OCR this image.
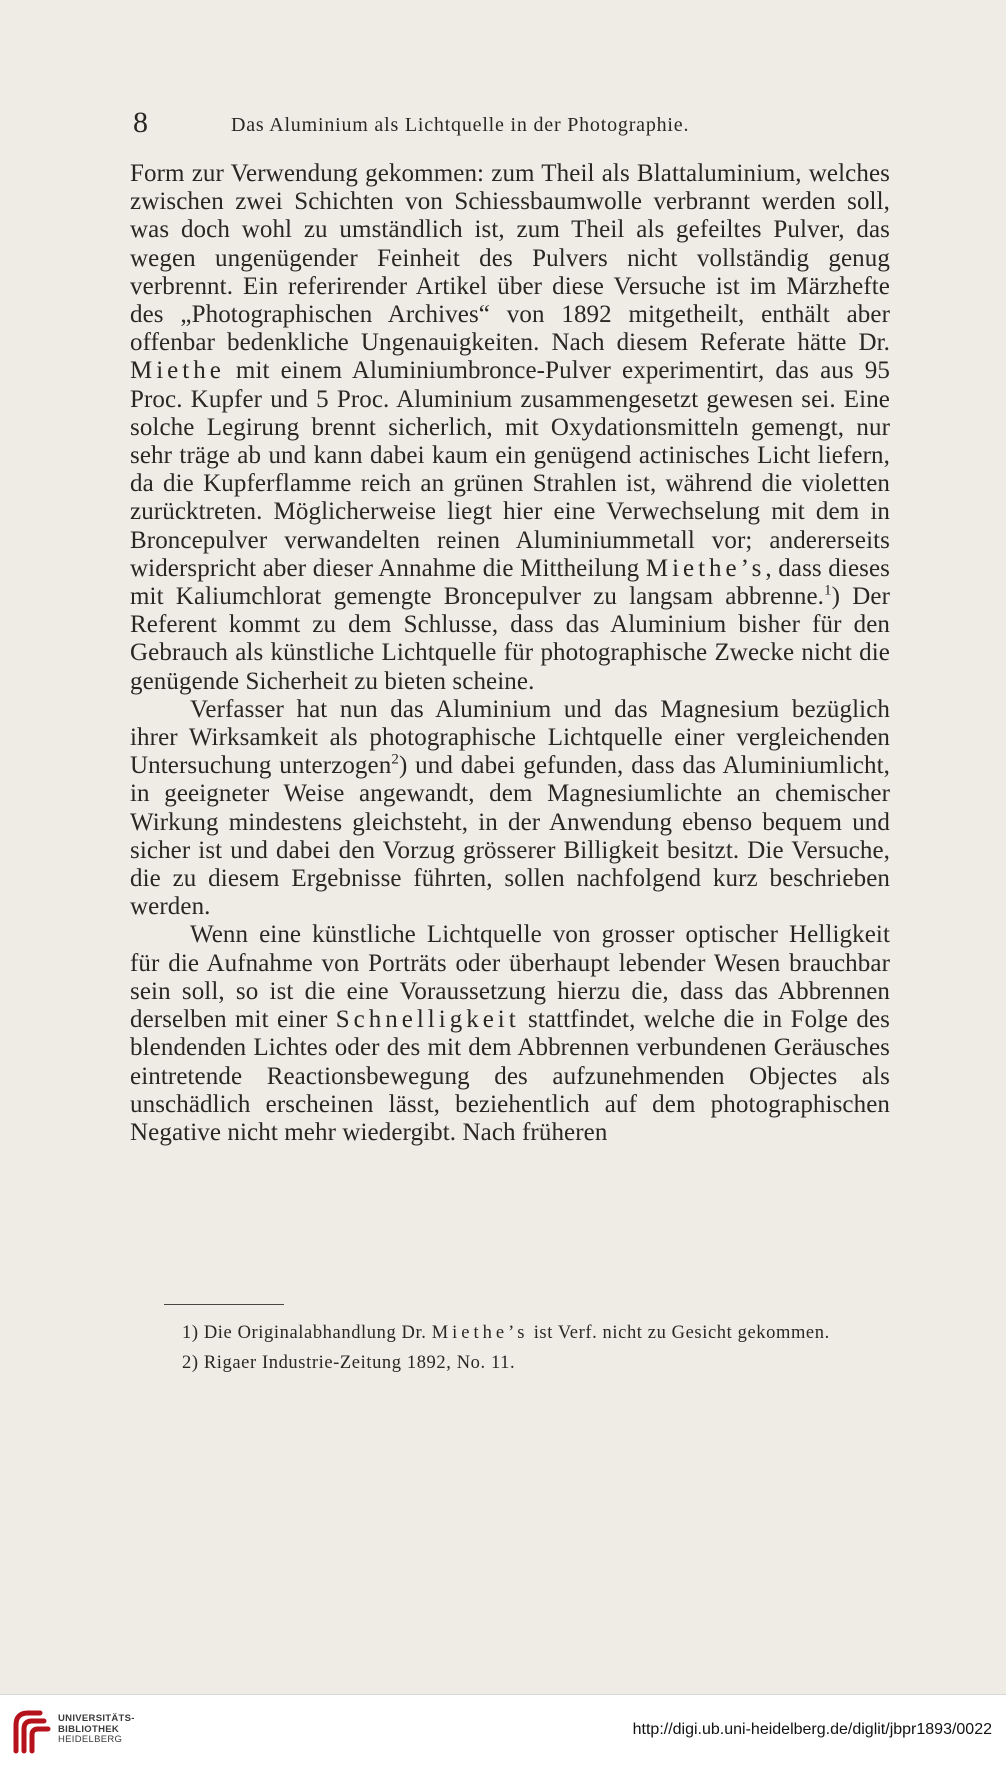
8	Das Aluminium als Lichtquelle in der Photographie.

Form zur Verwendung gekommen: zum Theil als Blattaluminium, welches zwischen zwei Schichten von Schiessbaumwolle verbrannt werden soll, was doch wohl zu umständlich ist, zum Theil als gefeiltes Pulver, das wegen ungenügender Feinheit des Pulvers nicht vollständig genug verbrennt. Ein referirender Artikel über diese Versuche ist im Märzhefte des „Photographischen Archives“ von 1892 mitgetheilt, enthält aber offenbar bedenkliche Ungenauigkeiten. Nach diesem Referate hätte Dr. Miethe mit einem Aluminiumbronce-Pulver experimentirt, das aus 95 Proc. Kupfer und 5 Proc. Aluminium zusammengesetzt gewesen sei. Eine solche Legirung brennt sicherlich, mit Oxydationsmitteln gemengt, nur sehr träge ab und kann dabei kaum ein genügend actinisches Licht liefern, da die Kupferflamme reich an grünen Strahlen ist, während die violetten zurücktreten. Möglicherweise liegt hier eine Verwechselung mit dem in Broncepulver verwandelten reinen Aluminiummetall vor; andererseits widerspricht aber dieser Annahme die Mittheilung Miethe’s, dass dieses mit Kaliumchlorat gemengte Broncepulver zu langsam abbrenne.$^1$) Der Referent kommt zu dem Schlusse, dass das Aluminium bisher für den Gebrauch als künstliche Lichtquelle für photographische Zwecke nicht die genügende Sicherheit zu bieten scheine.

Verfasser hat nun das Aluminium und das Magnesium bezüglich ihrer Wirksamkeit als photographische Lichtquelle einer vergleichenden Untersuchung unterzogen$^2$) und dabei gefunden, dass das Aluminiumlicht, in geeigneter Weise angewandt, dem Magnesiumlichte an chemischer Wirkung mindestens gleichsteht, in der Anwendung ebenso bequem und sicher ist und dabei den Vorzug grösserer Billigkeit besitzt. Die Versuche, die zu diesem Ergebnisse führten, sollen nachfolgend kurz beschrieben werden.

Wenn eine künstliche Lichtquelle von grosser optischer Helligkeit für die Aufnahme von Porträts oder überhaupt lebender Wesen brauchbar sein soll, so ist die eine Voraussetzung hierzu die, dass das Abbrennen derselben mit einer Schnelligkeit stattfindet, welche die in Folge des blendenden Lichtes oder des mit dem Abbrennen verbundenen Geräusches eintretende Reactionsbewegung des aufzunehmenden Objectes als unschädlich erscheinen lässt, beziehentlich auf dem photographischen Negative nicht mehr wiedergibt. Nach früheren

1) Die Originalabhandlung Dr. Miethe’s ist Verf. nicht zu Gesicht gekommen.

2) Rigaer Industrie-Zeitung 1892, No. 11.

UNIVERSITÄTS-
BIBLIOTHEK
HEIDELBERG
http://digi.ub.uni-heidelberg.de/diglit/jbpr1893/0022
